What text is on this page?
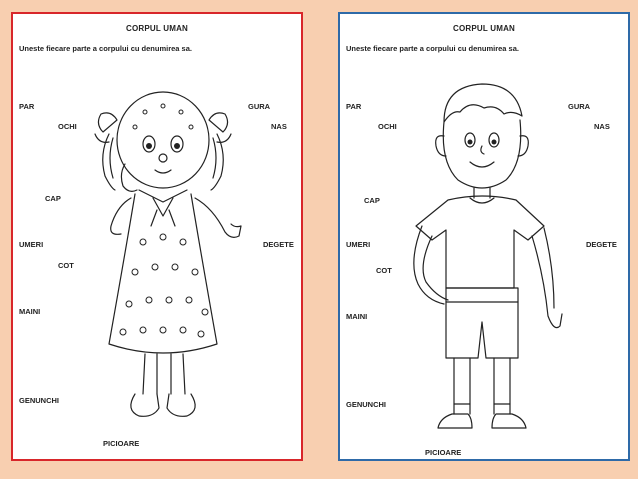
CORPUL UMAN
Uneste fiecare parte a corpului cu denumirea sa.
PAR
OCHI
GURA
NAS
CAP
UMERI	DEGETE
COT
MAINI
GENUNCHI
PICIOARE
CORPUL UMAN
Uneste fiecare parte a corpului cu denumirea sa.
PAR
OCHI
GURA
NAS
CAP
UMERI	DEGETE
COT
MAINI
GENUNCHI
PICIOARE
